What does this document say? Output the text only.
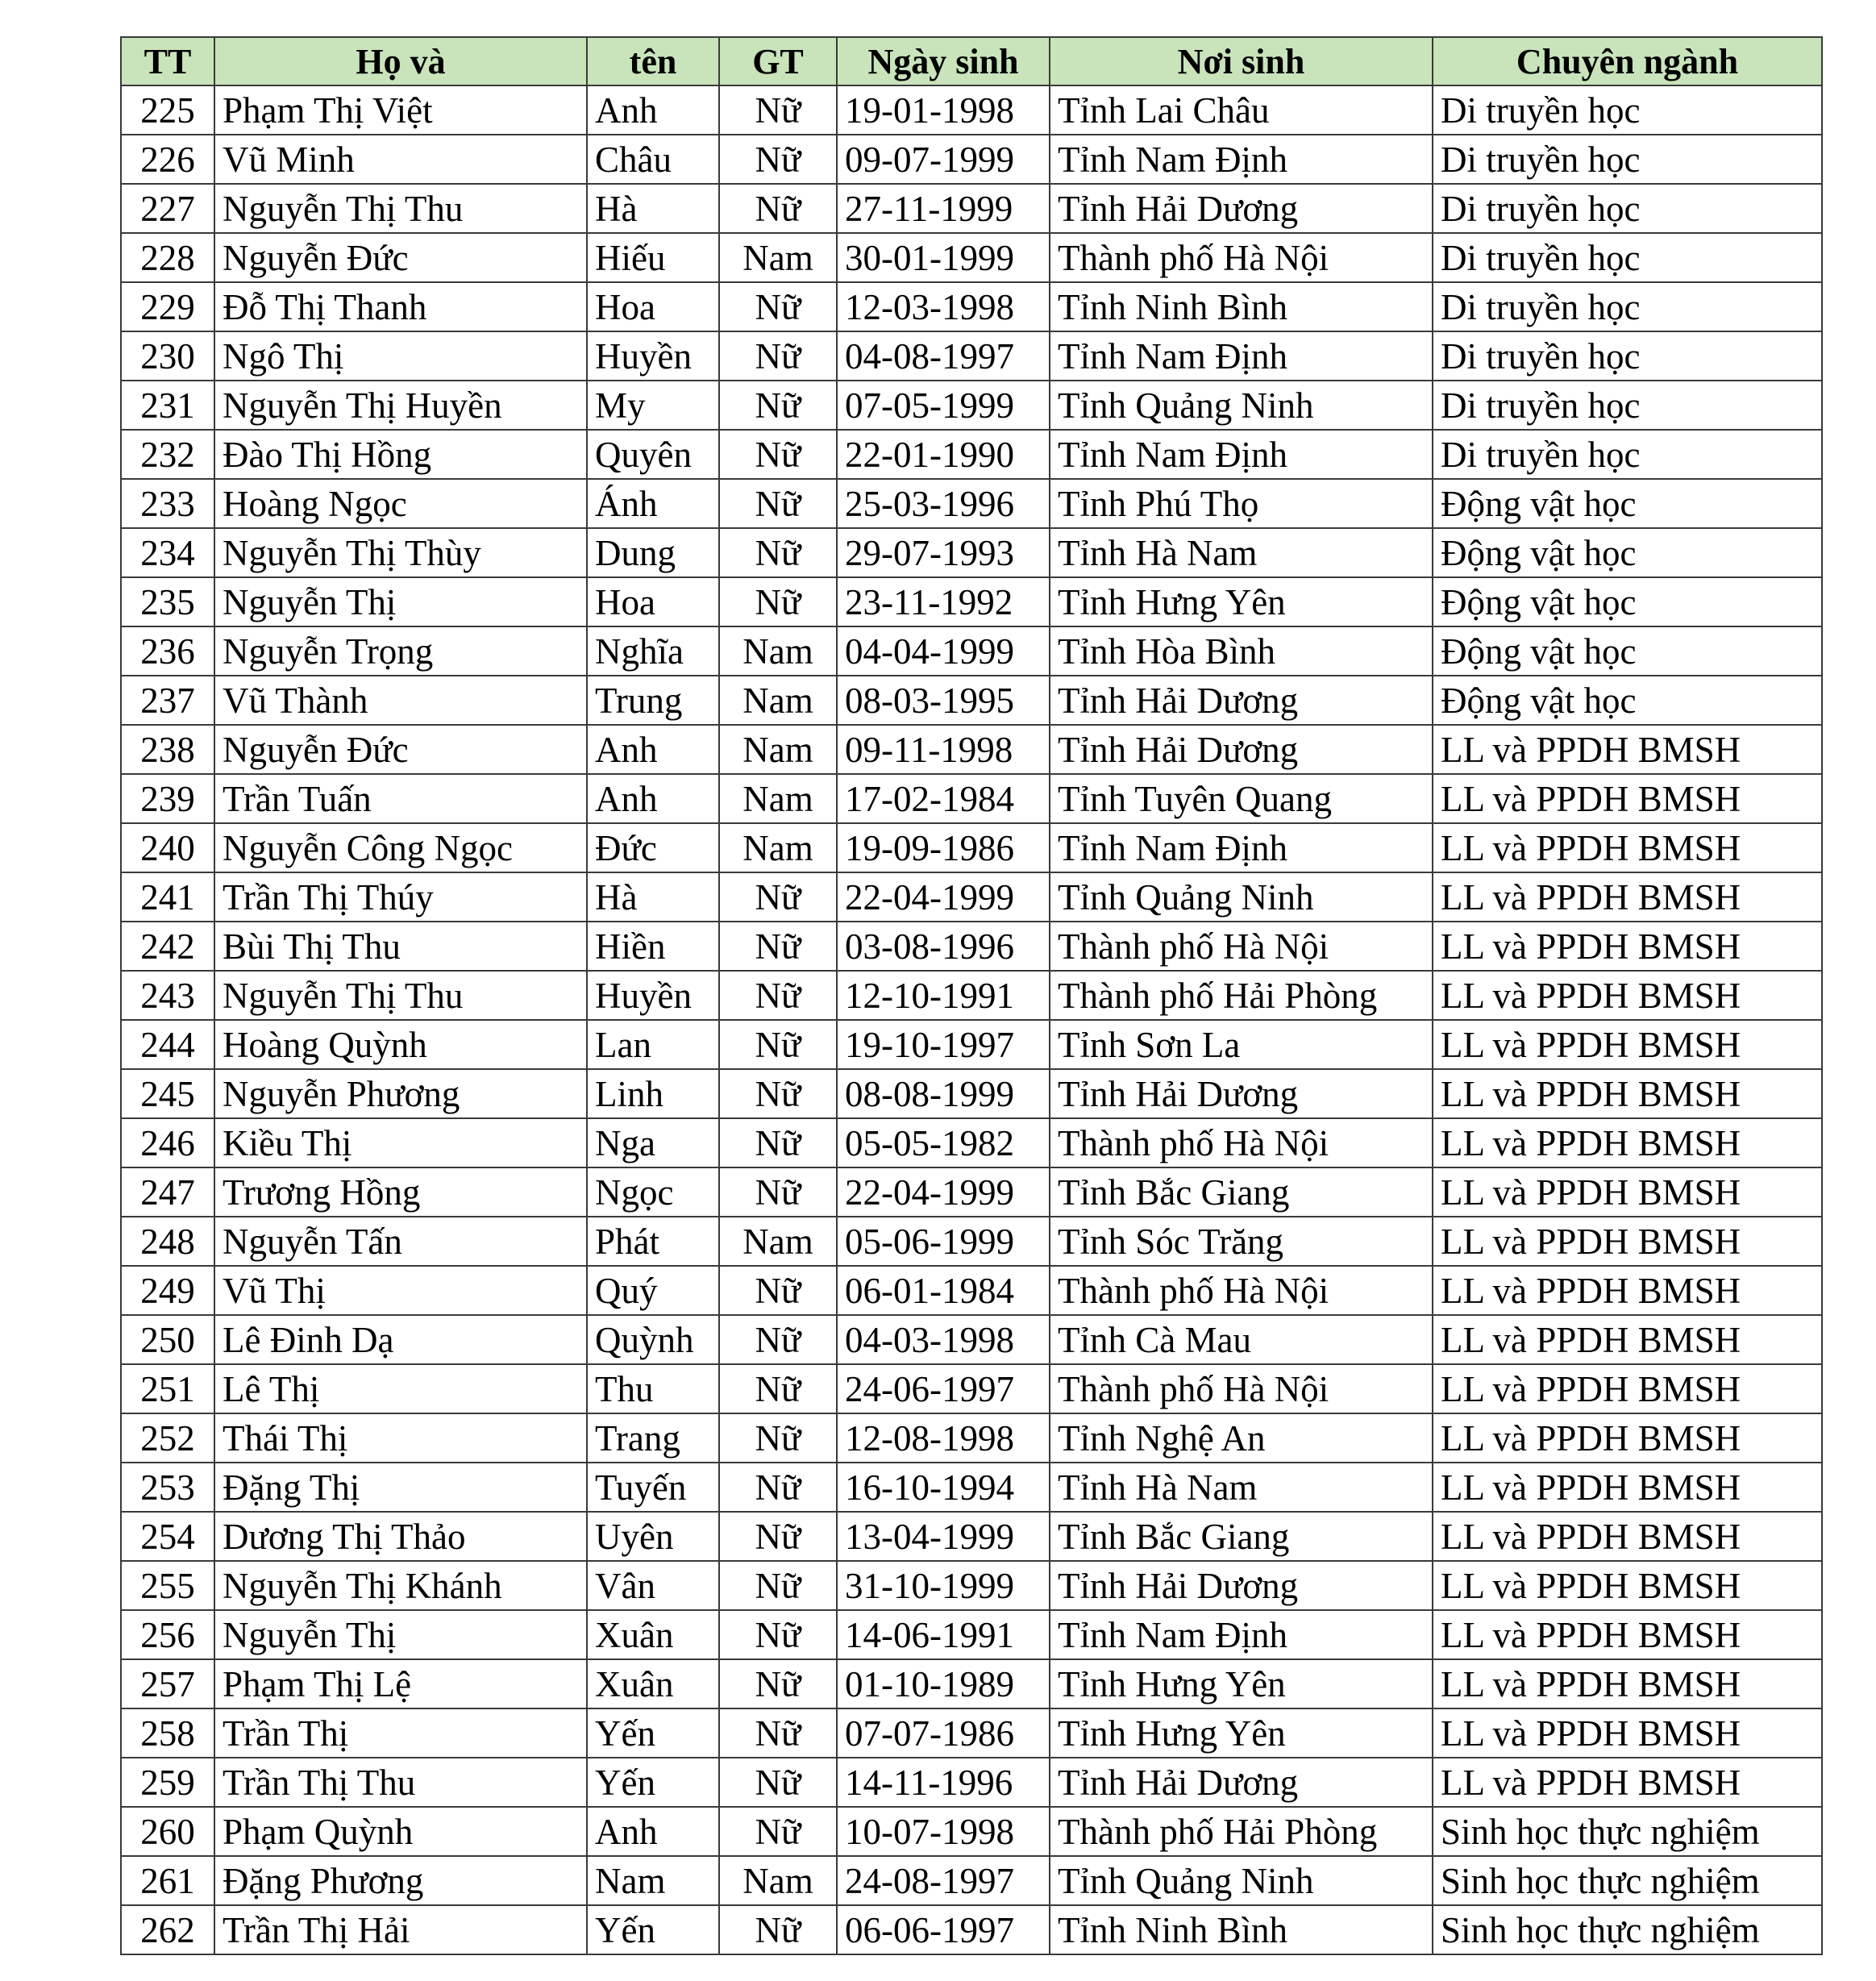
TT	Họ và	tên	GT	Ngày sinh	Nơi sinh	Chuyên ngành
225	Phạm Thị Việt	Anh	Nữ	19-01-1998	Tỉnh Lai Châu	Di truyền học
226	Vũ Minh	Châu	Nữ	09-07-1999	Tỉnh Nam Định	Di truyền học
227	Nguyễn Thị Thu	Hà	Nữ	27-11-1999	Tỉnh Hải Dương	Di truyền học
228	Nguyễn Đức	Hiếu	Nam	30-01-1999	Thành phố Hà Nội	Di truyền học
229	Đỗ Thị Thanh	Hoa	Nữ	12-03-1998	Tỉnh Ninh Bình	Di truyền học
230	Ngô Thị	Huyền	Nữ	04-08-1997	Tỉnh Nam Định	Di truyền học
231	Nguyễn Thị Huyền	My	Nữ	07-05-1999	Tỉnh Quảng Ninh	Di truyền học
232	Đào Thị Hồng	Quyên	Nữ	22-01-1990	Tỉnh Nam Định	Di truyền học
233	Hoàng Ngọc	Ánh	Nữ	25-03-1996	Tỉnh Phú Thọ	Động vật học
234	Nguyễn Thị Thùy	Dung	Nữ	29-07-1993	Tỉnh Hà Nam	Động vật học
235	Nguyễn Thị	Hoa	Nữ	23-11-1992	Tỉnh Hưng Yên	Động vật học
236	Nguyễn Trọng	Nghĩa	Nam	04-04-1999	Tỉnh Hòa Bình	Động vật học
237	Vũ Thành	Trung	Nam	08-03-1995	Tỉnh Hải Dương	Động vật học
238	Nguyễn Đức	Anh	Nam	09-11-1998	Tỉnh Hải Dương	LL và PPDH BMSH
239	Trần Tuấn	Anh	Nam	17-02-1984	Tỉnh Tuyên Quang	LL và PPDH BMSH
240	Nguyễn Công Ngọc	Đức	Nam	19-09-1986	Tỉnh Nam Định	LL và PPDH BMSH
241	Trần Thị Thúy	Hà	Nữ	22-04-1999	Tỉnh Quảng Ninh	LL và PPDH BMSH
242	Bùi Thị Thu	Hiền	Nữ	03-08-1996	Thành phố Hà Nội	LL và PPDH BMSH
243	Nguyễn Thị Thu	Huyền	Nữ	12-10-1991	Thành phố Hải Phòng	LL và PPDH BMSH
244	Hoàng Quỳnh	Lan	Nữ	19-10-1997	Tỉnh Sơn La	LL và PPDH BMSH
245	Nguyễn Phương	Linh	Nữ	08-08-1999	Tỉnh Hải Dương	LL và PPDH BMSH
246	Kiều Thị	Nga	Nữ	05-05-1982	Thành phố Hà Nội	LL và PPDH BMSH
247	Trương Hồng	Ngọc	Nữ	22-04-1999	Tỉnh Bắc Giang	LL và PPDH BMSH
248	Nguyễn Tấn	Phát	Nam	05-06-1999	Tỉnh Sóc Trăng	LL và PPDH BMSH
249	Vũ Thị	Quý	Nữ	06-01-1984	Thành phố Hà Nội	LL và PPDH BMSH
250	Lê Đinh Dạ	Quỳnh	Nữ	04-03-1998	Tỉnh Cà Mau	LL và PPDH BMSH
251	Lê Thị	Thu	Nữ	24-06-1997	Thành phố Hà Nội	LL và PPDH BMSH
252	Thái Thị	Trang	Nữ	12-08-1998	Tỉnh Nghệ An	LL và PPDH BMSH
253	Đặng Thị	Tuyến	Nữ	16-10-1994	Tỉnh Hà Nam	LL và PPDH BMSH
254	Dương Thị Thảo	Uyên	Nữ	13-04-1999	Tỉnh Bắc Giang	LL và PPDH BMSH
255	Nguyễn Thị Khánh	Vân	Nữ	31-10-1999	Tỉnh Hải Dương	LL và PPDH BMSH
256	Nguyễn Thị	Xuân	Nữ	14-06-1991	Tỉnh Nam Định	LL và PPDH BMSH
257	Phạm Thị Lệ	Xuân	Nữ	01-10-1989	Tỉnh Hưng Yên	LL và PPDH BMSH
258	Trần Thị	Yến	Nữ	07-07-1986	Tỉnh Hưng Yên	LL và PPDH BMSH
259	Trần Thị Thu	Yến	Nữ	14-11-1996	Tỉnh Hải Dương	LL và PPDH BMSH
260	Phạm Quỳnh	Anh	Nữ	10-07-1998	Thành phố Hải Phòng	Sinh học thực nghiệm
261	Đặng Phương	Nam	Nam	24-08-1997	Tỉnh Quảng Ninh	Sinh học thực nghiệm
262	Trần Thị Hải	Yến	Nữ	06-06-1997	Tỉnh Ninh Bình	Sinh học thực nghiệm
